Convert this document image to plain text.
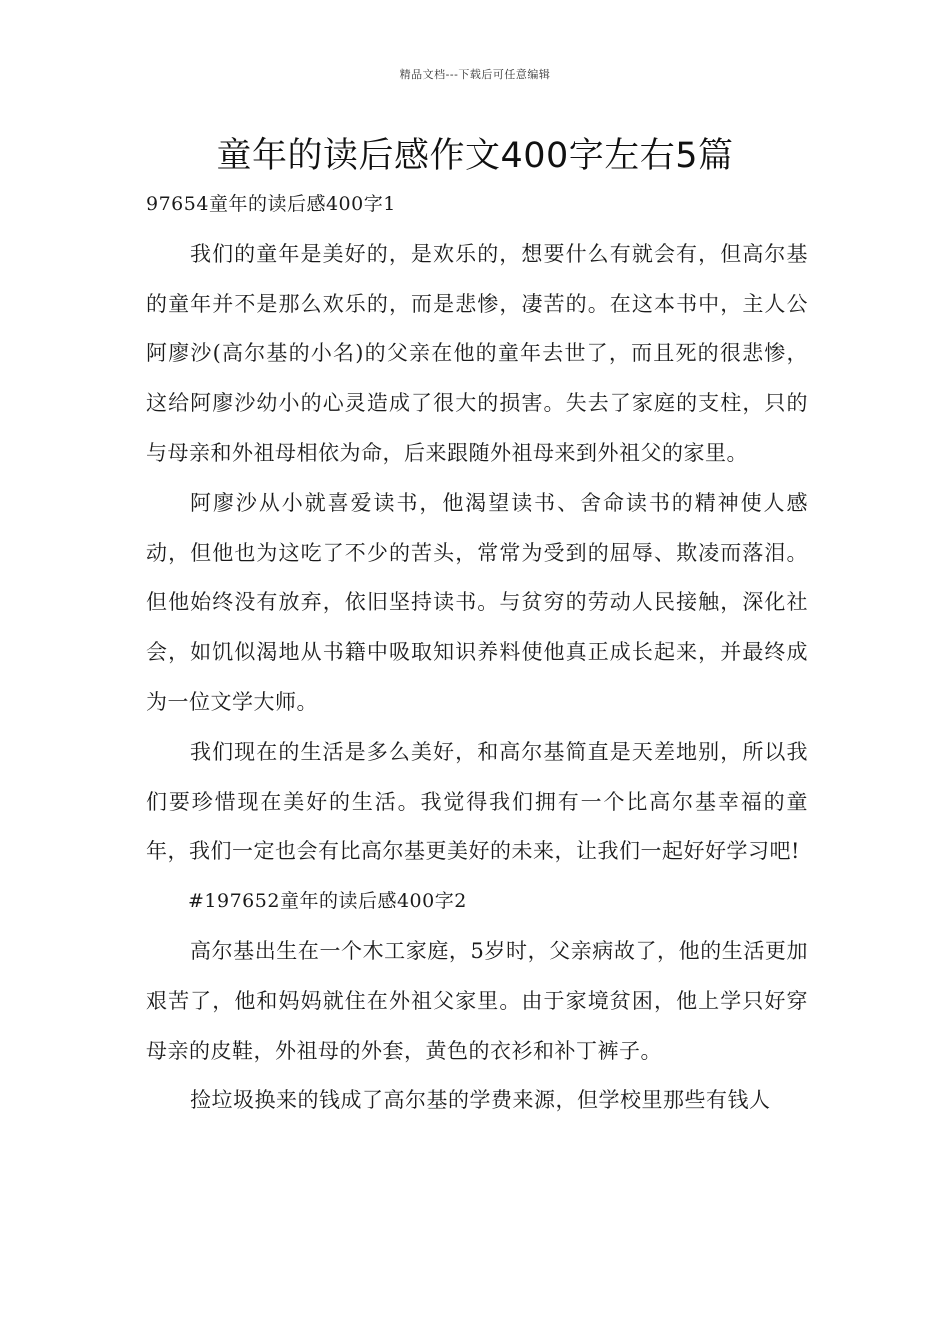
精品文档---下载后可任意编辑
童年的读后感作文400字左右5篇

97654童年的读后感400字1

我们的童年是美好的，是欢乐的，想要什么有就会有，但高尔基的童年并不是那么欢乐的，而是悲惨，凄苦的。在这本书中，主人公阿廖沙(高尔基的小名)的父亲在他的童年去世了，而且死的很悲惨，这给阿廖沙幼小的心灵造成了很大的损害。失去了家庭的支柱，只的与母亲和外祖母相依为命，后来跟随外祖母来到外祖父的家里。

阿廖沙从小就喜爱读书，他渴望读书、舍命读书的精神使人感动，但他也为这吃了不少的苦头，常常为受到的屈辱、欺凌而落泪。但他始终没有放弃，依旧坚持读书。与贫穷的劳动人民接触，深化社会，如饥似渴地从书籍中吸取知识养料使他真正成长起来，并最终成为一位文学大师。

我们现在的生活是多么美好，和高尔基简直是天差地别，所以我们要珍惜现在美好的生活。我觉得我们拥有一个比高尔基幸福的童年，我们一定也会有比高尔基更美好的未来，让我们一起好好学习吧!

#197652童年的读后感400字2

高尔基出生在一个木工家庭，5岁时，父亲病故了，他的生活更加艰苦了，他和妈妈就住在外祖父家里。由于家境贫困，他上学只好穿母亲的皮鞋，外祖母的外套，黄色的衣衫和补丁裤子。

捡垃圾换来的钱成了高尔基的学费来源，但学校里那些有钱人
